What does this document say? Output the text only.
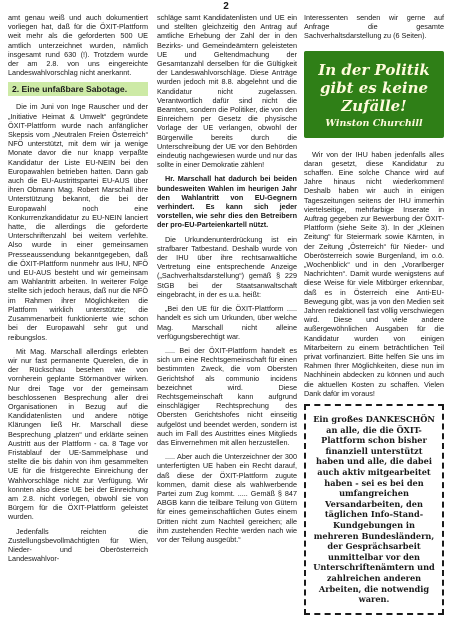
2

amt genau weiß und auch dokumentiert vorliegen hat, daß für die ÖXIT-Plattform weit mehr als die geforderten 500 UE amtlich unterzeichnet wurden, nämlich insgesamt rund 630 (!). Trotzdem wurde der am 2.8. von uns eingereichte Landeswahlvorschlag nicht anerkannt.

2. Eine unfaßbare Sabotage.

Die im Juni von Inge Rauscher und der „Initiative Heimat & Umwelt“ gegründete ÖXIT-Plattform wurde nach anfänglicher Skepsis vom „Neutralen Freien Österreich“ NFÖ unterstützt, mit dem wir ja wenige Monate davor die nur knapp verpaßte Kandidatur der Liste EU-NEIN bei den Europawahlen betrieben hatten. Dann gab auch die EU-Austrittspartei EU-AUS über ihren Obmann Mag. Robert Marschall ihre Unterstützung bekannt, die bei der Europawahl noch eine Konkurrenzkandidatur zu EU-NEIN lanciert hatte, die allerdings die geforderte Unterschriftenzahl bei weitem verfehlte. Also wurde in einer gemeinsamen Presseaussendung bekanntgegeben, daß die ÖXIT-Plattform nunmehr aus IHU, NFÖ und EU-AUS besteht und wir gemeinsam am Wahlantritt arbeiten. In weiterer Folge stellte sich jedoch heraus, daß nur die NFÖ im Rahmen ihrer Möglichkeiten die Plattform wirklich unterstützte; die Zusammenarbeit funktionierte wie schon bei der Europawahl sehr gut und reibungslos.

Mit Mag. Marschall allerdings erlebten wir nur fast permanente Querelen, die in der Rückschau besehen wie von vornherein geplante Störmanöver wirken. Nur drei Tage vor der gemeinsam beschlossenen Besprechung aller drei Organisationen in Bezug auf die Kandidatenlisten und andere nötige Klärungen ließ Hr. Marschall diese Besprechung „platzen“ und erklärte seinen Austritt aus der Plattform - ca. 8 Tage vor Fristablauf der UE-Sammelphase und stellte die bis dahin von ihm gesammelten UE für die fristgerechte Einreichung der Wahlvorschläge nicht zur Verfügung. Wir konnten also diese UE bei der Einreichung am 2.8. nicht vorlegen, obwohl sie von Bürgern für die ÖXIT-Plattform geleistet wurden.

Jedenfalls reichten die Zustellungsbevollmächtigten für Wien, Nieder- und Oberösterreich Landeswahlvor-

schläge samt Kandidatenlisten und UE ein und stellten gleichzeitig den Antrag auf amtliche Erhebung der Zahl der in den Bezirks- und Gemeindeämtern geleisteten UE und Geltendmachung der Gesamtanzahl derselben für die Gültigkeit der Landeswahlvorschläge. Diese Anträge wurden jedoch mit 8.8. abgelehnt und die Kandidatur nicht zugelassen. Verantwortlich dafür sind nicht die Beamten, sondern die Politiker, die von den Einreichern per Gesetz die physische Vorlage der UE verlangen, obwohl der Bürgerwille bereits durch die Unterschreibung der UE vor den Behörden eindeutig nachgewiesen wurde und nur das sollte in einer Demokratie zählen!

Hr. Marschall hat dadurch bei beiden bundesweiten Wahlen im heurigen Jahr den Wahlantritt von EU-Gegnern verhindert. Es kann sich jeder vorstellen, wie sehr dies den Betreibern der pro-EU-Parteienkartell nützt.

Die Urkundenunterdrückung ist ein strafbarer Tatbestand. Deshalb wurde von der IHU über ihre rechtsanwaltliche Vertretung eine entsprechende Anzeige („Sachverhaltsdarstellung“) gemäß § 229 StGB bei der Staatsanwaltschaft eingebracht, in der es u.a. heißt:

„Bei den UE für die ÖXIT-Plattform ..... handelt es sich um Urkunden, über welche Mag. Marschall nicht alleine verfügungsberechtigt war.

..... Bei der ÖXIT-Plattform handelt es sich um eine Rechtsgemeinschaft für einen bestimmten Zweck, die vom Obersten Gerichtshof als communio incidens bezeichnet wird. Diese Rechtsgemeinschaft kann aufgrund einschlägiger Rechtsprechung des Obersten Gerichtshofes nicht einseitig aufgelöst und beendet werden, sondern ist auch im Fall des Austrittes eines Mitglieds das Einvernehmen mit allen herzustellen.

..... Aber auch die Unterzeichner der 300 unterfertigten UE haben ein Recht darauf, daß diese der ÖXIT-Plattform zugute kommen, damit diese als wahlwerbende Partei zum Zug kommt. ..... Gemäß § 847 ABGB kann die teilbare Teilung von Gütern für eines gemeinschaftlichen Gutes einem Dritten nicht zum Nachteil gereichen; alle ihm zustehenden Rechte werden nach wie vor der Teilung ausgeübt.“

Interessenten senden wir gerne auf Anfrage die gesamte Sachverhaltsdarstellung zu (6 Seiten).

In der Politik gibt es keine Zufälle!
Winston Churchill

Wir von der IHU haben jedenfalls alles daran gesetzt, diese Kandidatur zu schaffen. Eine solche Chance wird auf Jahre hinaus nicht wiederkommen! Deshalb haben wir auch in einigen Tageszeitungen seitens der IHU immerhin viertelseitige, mehrfarbige Inserate in Auftrag gegeben zur Bewerbung der ÖXIT-Plattform (siehe Seite 3). In der „Kleinen Zeitung“ für Steiermark sowie Kärnten, in der Zeitung „Österreich“ für Nieder- und Oberösterreich sowie Burgenland, im o.ö. „Wochenblick“ und in den „Vorarlberger Nachrichten“. Damit wurde wenigstens auf diese Weise für viele Mitbürger erkennbar, daß es in Österreich eine Anti-EU-Bewegung gibt, was ja von den Medien seit Jahren redaktionell fast völlig verschwiegen wird. Diese und viele andere außergewöhnlichen Ausgaben für die Kandidatur wurden von einigen Mitarbeitern zu einem beträchtlichen Teil privat vorfinanziert. Bitte helfen Sie uns im Rahmen Ihrer Möglichkeiten, diese nun im Nachhinein abdecken zu können und auch die aktuellen Kosten zu schaffen. Vielen Dank dafür im voraus!

Ein großes DANKESCHÖN an alle, die die ÖXIT-Plattform schon bisher finanziell unterstützt haben und alle, die dabei auch aktiv mitgearbeitet haben - sei es bei den umfangreichen Versandarbeiten, den täglichen Info-Stand-Kundgebungen in mehreren Bundesländern, der Gesprächsarbeit unmittelbar vor den Unterschriftenämtern und zahlreichen anderen Arbeiten, die notwendig waren.
